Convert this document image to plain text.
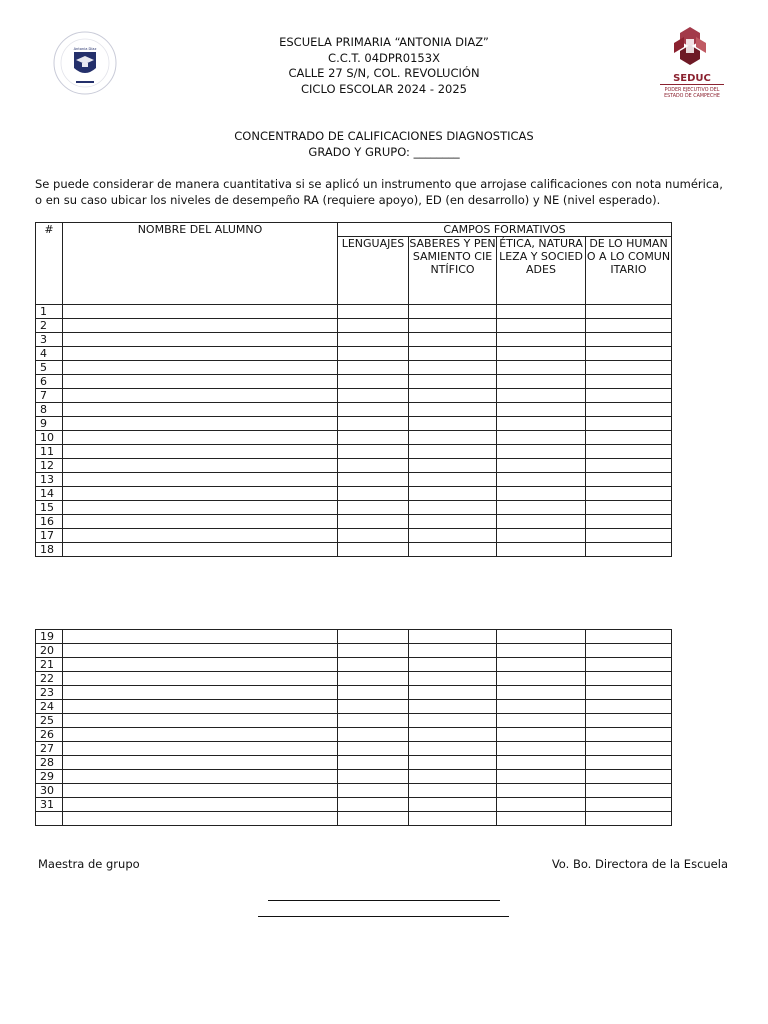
Antonia Díaz
SEDUC
PODER EJECUTIVO DEL
ESTADO DE CAMPECHE
ESCUELA PRIMARIA “ANTONIA DIAZ”
C.C.T. 04DPR0153X
CALLE 27 S/N, COL. REVOLUCIÓN
CICLO ESCOLAR 2024 - 2025
CONCENTRADO DE CALIFICACIONES DIAGNOSTICAS
GRADO Y GRUPO: ________
Se puede considerar de manera cuantitativa si se aplicó un instrumento que arrojase calificaciones con nota numérica,
o en su caso ubicar los niveles de desempeño RA (requiere apoyo), ED (en desarrollo) y NE (nivel esperado).
#	NOMBRE DEL ALUMNO	CAMPOS FORMATIVOS			
		LENGUAJES	SABERES Y PENSAMIENTO CIENTÍFICO	ÉTICA, NATURALEZA Y SOCIEDADES	DE LO HUMANO A LO COMUNITARIO
1					
2					
3					
4					
5					
6					
7					
8					
9					
10					
11					
12					
13					
14					
15					
16					
17					
18					
19					
20					
21					
22					
23					
24					
25					
26					
27					
28					
29					
30					
31					

Maestra de grupo	Vo. Bo. Directora de la Escuela
